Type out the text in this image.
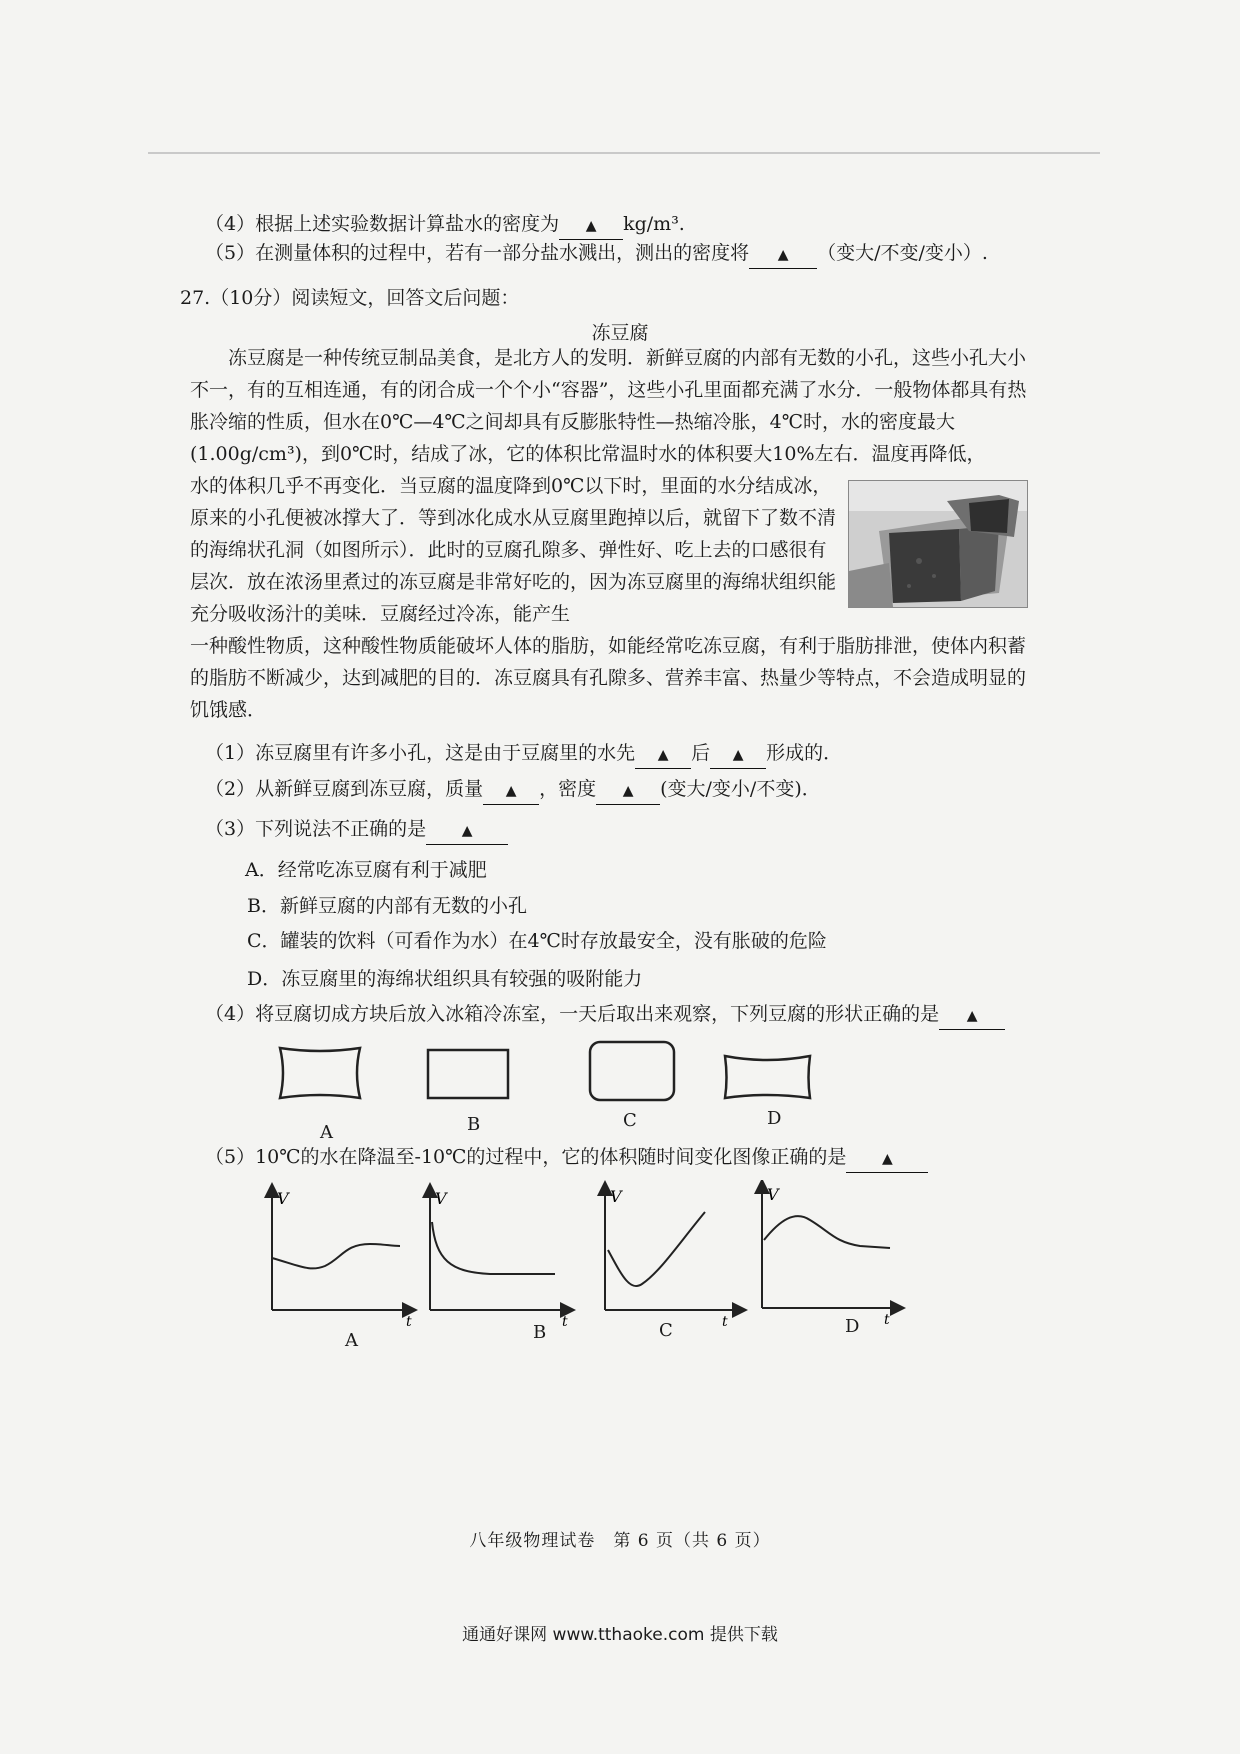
（4）根据上述实验数据计算盐水的密度为 ▲ kg/m³.
（5）在测量体积的过程中，若有一部分盐水溅出，测出的密度将 ▲ （变大/不变/变小）.
27.（10分）阅读短文，回答文后问题：
冻豆腐
冻豆腐是一种传统豆制品美食，是北方人的发明．新鲜豆腐的内部有无数的小孔，这些小孔大小不一，有的互相连通，有的闭合成一个个小“容器”，这些小孔里面都充满了水分．一般物体都具有热胀冷缩的性质，但水在0℃—4℃之间却具有反膨胀特性—热缩冷胀，4℃时，水的密度最大(1.00g/cm³)，到0℃时，结成了冰，它的体积比常温时水的体积要大10%左右．温度再降低，
水的体积几乎不再变化．当豆腐的温度降到0℃以下时，里面的水分结成冰，原来的小孔便被冰撑大了．等到冰化成水从豆腐里跑掉以后，就留下了数不清的海绵状孔洞（如图所示）．此时的豆腐孔隙多、弹性好、吃上去的口感很有层次．放在浓汤里煮过的冻豆腐是非常好吃的，因为冻豆腐里的海绵状组织能充分吸收汤汁的美味．豆腐经过冷冻，能产生
一种酸性物质，这种酸性物质能破坏人体的脂肪，如能经常吃冻豆腐，有利于脂肪排泄，使体内积蓄的脂肪不断减少，达到减肥的目的．冻豆腐具有孔隙多、营养丰富、热量少等特点，不会造成明显的饥饿感．
（1）冻豆腐里有许多小孔，这是由于豆腐里的水先 ▲ 后 ▲ 形成的．
（2）从新鲜豆腐到冻豆腐，质量 ▲ ，密度 ▲ (变大/变小/不变)．
（3）下列说法不正确的是	▲
A．经常吃冻豆腐有利于减肥
B．新鲜豆腐的内部有无数的小孔
C．罐装的饮料（可看作为水）在4℃时存放最安全，没有胀破的危险
D．冻豆腐里的海绵状组织具有较强的吸附能力
（4）将豆腐切成方块后放入冰箱冷冻室，一天后取出来观察，下列豆腐的形状正确的是 ▲
A	B	C	D
（5）10℃的水在降温至-10℃的过程中，它的体积随时间变化图像正确的是	▲
V
t
V
t
V
t
V
t
A	B	C	D
八年级物理试卷　第 6 页（共 6 页）
通通好课网 www.tthaoke.com 提供下载
